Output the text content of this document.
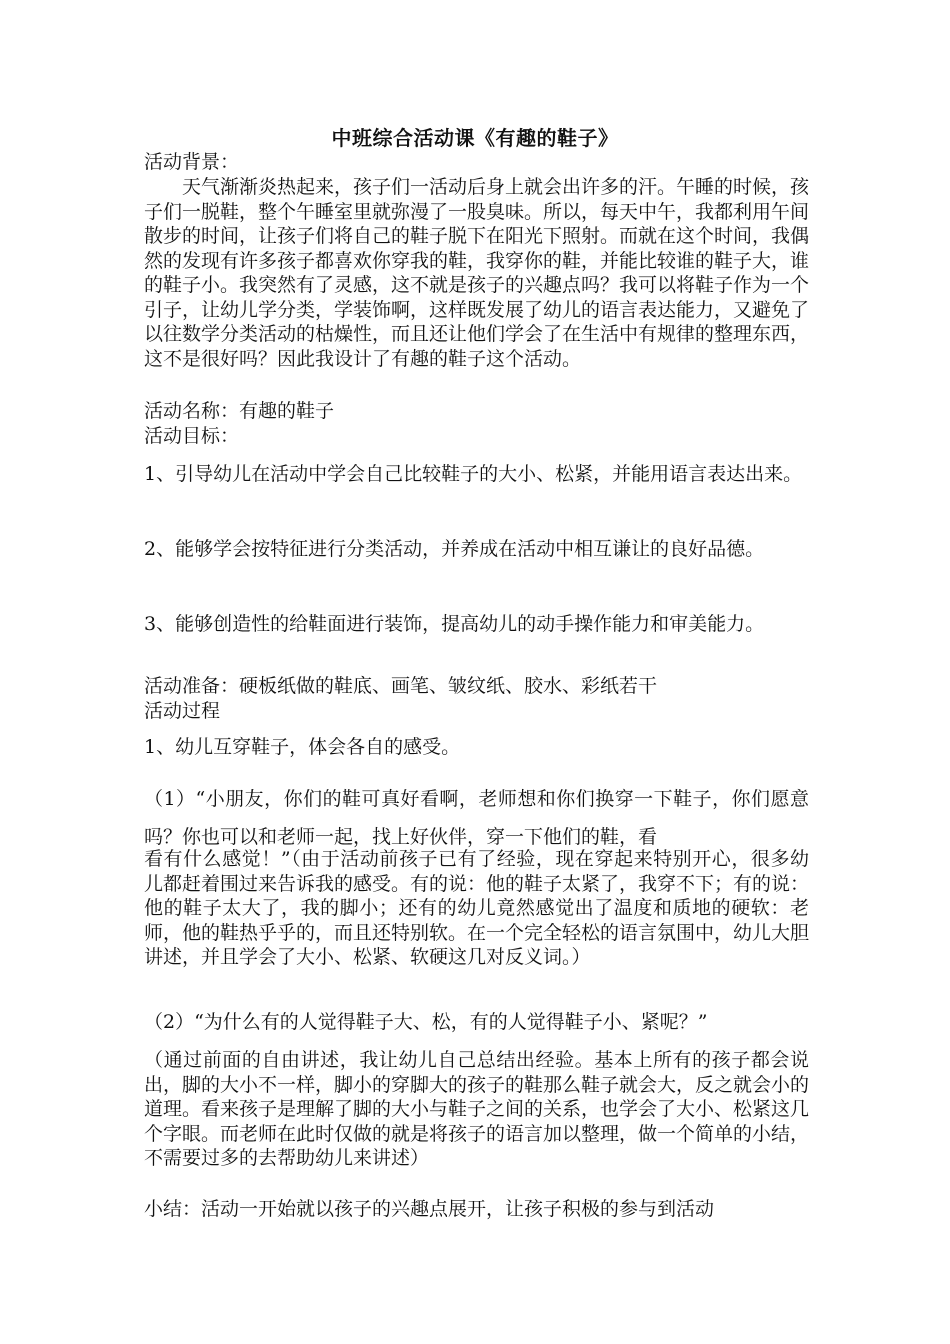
中班综合活动课《有趣的鞋子》
活动背景：
天气渐渐炎热起来，孩子们一活动后身上就会出许多的汗。午睡的时候，孩子们一脱鞋，整个午睡室里就弥漫了一股臭味。所以，每天中午，我都利用午间散步的时间，让孩子们将自己的鞋子脱下在阳光下照射。而就在这个时间，我偶然的发现有许多孩子都喜欢你穿我的鞋，我穿你的鞋，并能比较谁的鞋子大，谁的鞋子小。我突然有了灵感，这不就是孩子的兴趣点吗？我可以将鞋子作为一个引子，让幼儿学分类，学装饰啊，这样既发展了幼儿的语言表达能力，又避免了以往数学分类活动的枯燥性，而且还让他们学会了在生活中有规律的整理东西，这不是很好吗？因此我设计了有趣的鞋子这个活动。
活动名称：有趣的鞋子
活动目标：
1、引导幼儿在活动中学会自己比较鞋子的大小、松紧，并能用语言表达出来。
2、能够学会按特征进行分类活动，并养成在活动中相互谦让的良好品德。
3、能够创造性的给鞋面进行装饰，提高幼儿的动手操作能力和审美能力。
活动准备：硬板纸做的鞋底、画笔、皱纹纸、胶水、彩纸若干
活动过程
1、幼儿互穿鞋子，体会各自的感受。
（1）“小朋友，你们的鞋可真好看啊，老师想和你们换穿一下鞋子，你们愿意吗？你也可以和老师一起，找上好伙伴，穿一下他们的鞋，看
看有什么感觉！”（由于活动前孩子已有了经验，现在穿起来特别开心，很多幼儿都赶着围过来告诉我的感受。有的说：他的鞋子太紧了，我穿不下；有的说：他的鞋子太大了，我的脚小；还有的幼儿竟然感觉出了温度和质地的硬软：老师，他的鞋热乎乎的，而且还特别软。在一个完全轻松的语言氛围中，幼儿大胆讲述，并且学会了大小、松紧、软硬这几对反义词。）
（2）“为什么有的人觉得鞋子大、松，有的人觉得鞋子小、紧呢？”
（通过前面的自由讲述，我让幼儿自己总结出经验。基本上所有的孩子都会说出，脚的大小不一样，脚小的穿脚大的孩子的鞋那么鞋子就会大，反之就会小的道理。看来孩子是理解了脚的大小与鞋子之间的关系，也学会了大小、松紧这几个字眼。而老师在此时仅做的就是将孩子的语言加以整理，做一个简单的小结，不需要过多的去帮助幼儿来讲述）
小结：活动一开始就以孩子的兴趣点展开，让孩子积极的参与到活动
